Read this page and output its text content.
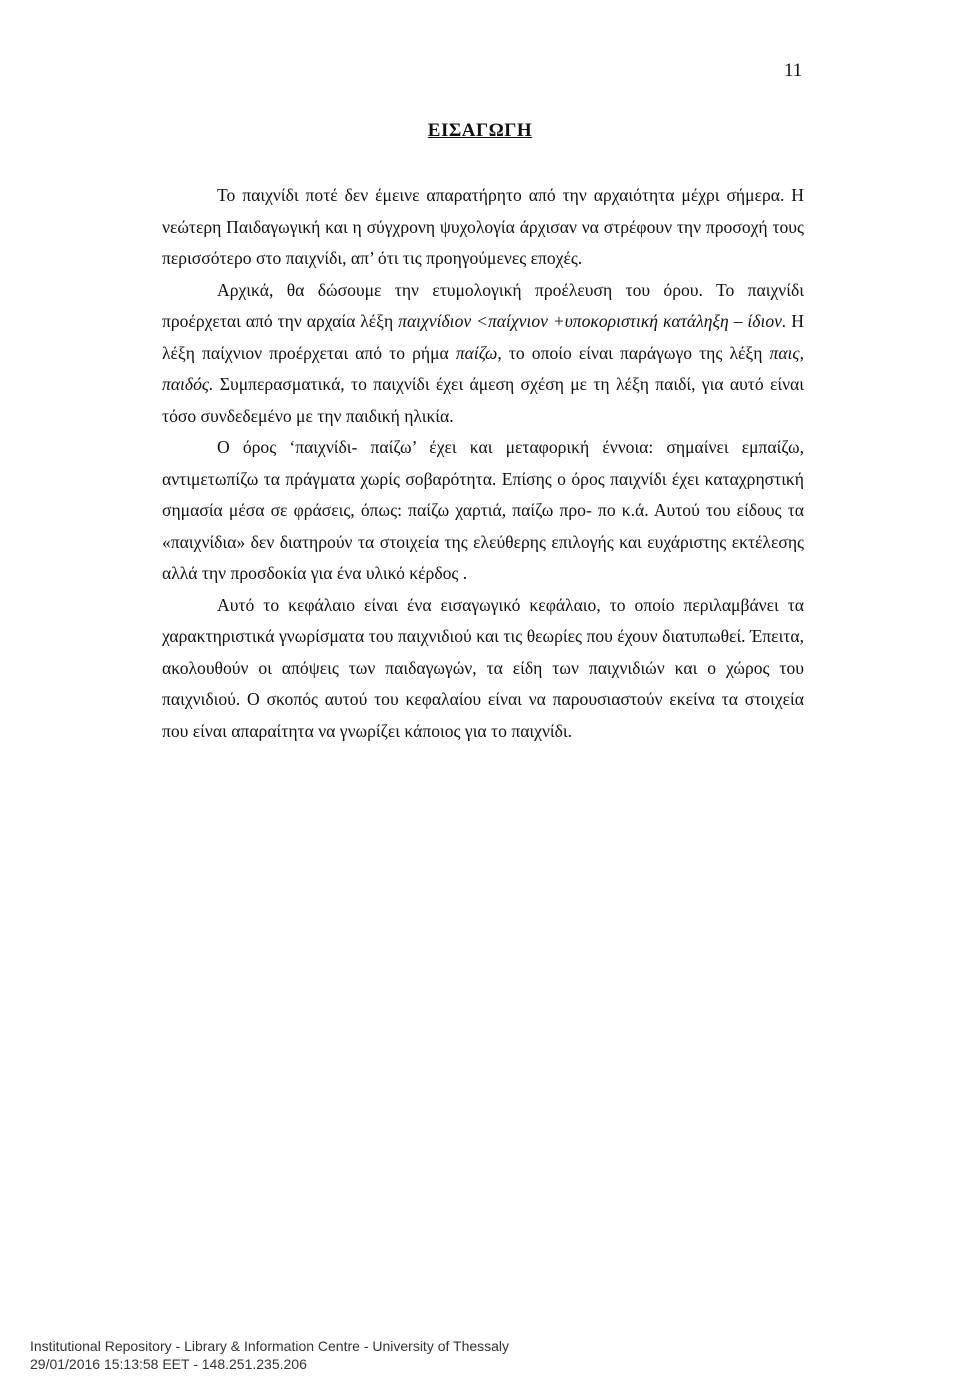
11
ΕΙΣΑΓΩΓΗ

Το παιχνίδι ποτέ δεν έμεινε απαρατήρητο από την αρχαιότητα μέχρι σήμερα. Η νεώτερη Παιδαγωγική και η σύγχρονη ψυχολογία άρχισαν να στρέφουν την προσοχή τους περισσότερο στο παιχνίδι, απ’ ότι τις προηγούμενες εποχές.

Αρχικά, θα δώσουμε την ετυμολογική προέλευση του όρου. Το παιχνίδι προέρχεται από την αρχαία λέξη παιχνίδιον <παίχνιον +υποκοριστική κατάληξη – ίδιον. Η λέξη παίχνιον προέρχεται από το ρήμα παίζω, το οποίο είναι παράγωγο της λέξη παις, παιδός. Συμπερασματικά, το παιχνίδι έχει άμεση σχέση με τη λέξη παιδί, για αυτό είναι τόσο συνδεδεμένο με την παιδική ηλικία.

Ο όρος ‘παιχνίδι- παίζω’ έχει και μεταφορική έννοια: σημαίνει εμπαίζω, αντιμετωπίζω τα πράγματα χωρίς σοβαρότητα. Επίσης ο όρος παιχνίδι έχει καταχρηστική σημασία μέσα σε φράσεις, όπως: παίζω χαρτιά, παίζω προ- πο κ.ά. Αυτού του είδους τα «παιχνίδια» δεν διατηρούν τα στοιχεία της ελεύθερης επιλογής και ευχάριστης εκτέλεσης αλλά την προσδοκία για ένα υλικό κέρδος .

Αυτό το κεφάλαιο είναι ένα εισαγωγικό κεφάλαιο, το οποίο περιλαμβάνει τα χαρακτηριστικά γνωρίσματα του παιχνιδιού και τις θεωρίες που έχουν διατυπωθεί. Έπειτα, ακολουθούν οι απόψεις των παιδαγωγών, τα είδη των παιχνιδιών και ο χώρος του παιχνιδιού. Ο σκοπός αυτού του κεφαλαίου είναι να παρουσιαστούν εκείνα τα στοιχεία που είναι απαραίτητα να γνωρίζει κάποιος για το παιχνίδι.

Institutional Repository - Library & Information Centre - University of Thessaly
29/01/2016 15:13:58 EET - 148.251.235.206
